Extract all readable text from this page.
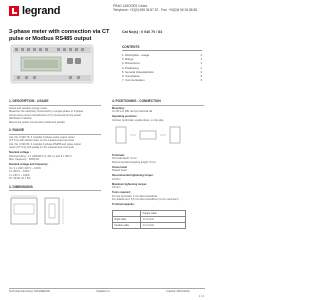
legrand	PRAD LIMOGES Cedex
Telephone: +33(0) 555 06 87 87 - Fax: +33(0)5 55 06 88 88
3-phase meter with connection via CT pulse or Modbus RS485 output
Cat No(s) : 0 046 70 / 84
CONTENTS
1. Description - usage	1
2. Range	1
3. Dimensions	1
4. Positioning	1
5. General characteristics	2
6. Compliance	3
7. Communication	3
1. DESCRIPTION - USAGE
Active and reactive energy meter.
Measures the electricity consumed by a single-phase or 3-phase
circuit using current transformers (CT) connected on the power
distribution network.
Meters the power consumption (total and partial).
2. RANGE
Cat. No. 0 046 70: 4 modular 3-phase pulse output meter
(CT 5 A) with partial meter on the measurement terminal.
Cat. No. 0 046 84: 4 modular 3-phase RS485 and pulse output
meter (CT 5 A) with partial on the measurement terminal.
Nominal voltage :
Nominal rating : 3 x 230/400 V (L-N/L-L) and 3 x 400 V
Max. frequency : 50/60 Hz
Nominal voltage and frequency:
Un: 3 x 230 / 400 V ~ ±20%
3 x 400 V ~ ±20%
3 x 230 V ~ ±20%
Fn: 50-60 Hz ± 5%
3. DIMENSIONS
4. POSITIONING - CONNECTION
Mounting:
On 35 mm DIN rail symmetrical rail
Operating positions:
Vertical, horizontal, upside down, on the side
Terminals:
Terminal depth: 6 mm
Recommended stripping length: 8 mm
Screw head:
Slotted head
Recommended tightening torque:
0.5 Nm
Maximum tightening torque:
0.6 Nm
Tools required:
For the terminals: 3 mm flat screwdriver
For attachment: 5.5 mm flat screwdriver (4 mm maximum)
Terminal capacity:
	Copper cable
Rigid cable	1 to 6 mm²
Flexible cable	1 to 4 mm²
Technical data sheet: F01909EN/00	Updated on:	Created: 08/12/2012
1 / 3
